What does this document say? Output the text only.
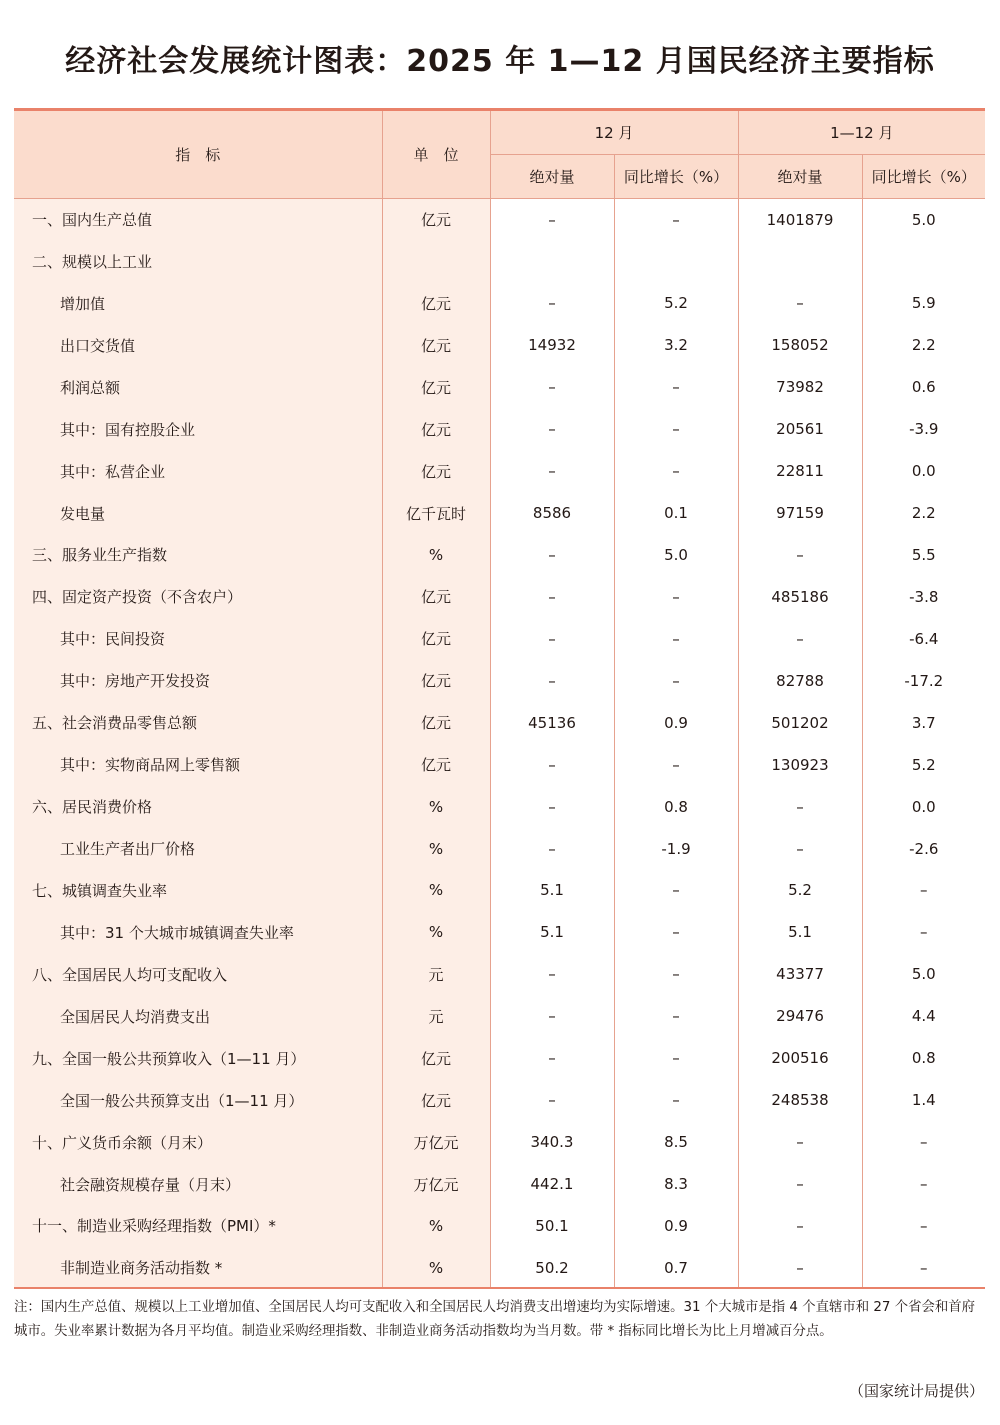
经济社会发展统计图表：2025 年 1—12 月国民经济主要指标
指　标	单　位	12 月		1—12 月	
		绝对量	同比增长（%）	绝对量	同比增长（%）
一、国内生产总值	亿元	–	–	1401879	5.0
二、规模以上工业					
增加值	亿元	–	5.2	–	5.9
出口交货值	亿元	14932	3.2	158052	2.2
利润总额	亿元	–	–	73982	0.6
其中：国有控股企业	亿元	–	–	20561	-3.9
其中：私营企业	亿元	–	–	22811	0.0
发电量	亿千瓦时	8586	0.1	97159	2.2
三、服务业生产指数	%	–	5.0	–	5.5
四、固定资产投资（不含农户）	亿元	–	–	485186	-3.8
其中：民间投资	亿元	–	–	–	-6.4
其中：房地产开发投资	亿元	–	–	82788	-17.2
五、社会消费品零售总额	亿元	45136	0.9	501202	3.7
其中：实物商品网上零售额	亿元	–	–	130923	5.2
六、居民消费价格	%	–	0.8	–	0.0
工业生产者出厂价格	%	–	-1.9	–	-2.6
七、城镇调查失业率	%	5.1	–	5.2	–
其中：31 个大城市城镇调查失业率	%	5.1	–	5.1	–
八、全国居民人均可支配收入	元	–	–	43377	5.0
全国居民人均消费支出	元	–	–	29476	4.4
九、全国一般公共预算收入（1—11 月）	亿元	–	–	200516	0.8
全国一般公共预算支出（1—11 月）	亿元	–	–	248538	1.4
十、广义货币余额（月末）	万亿元	340.3	8.5	–	–
社会融资规模存量（月末）	万亿元	442.1	8.3	–	–
十一、制造业采购经理指数（PMI）*	%	50.1	0.9	–	–
非制造业商务活动指数 *	%	50.2	0.7	–	–
注：国内生产总值、规模以上工业增加值、全国居民人均可支配收入和全国居民人均消费支出增速均为实际增速。31 个大城市是指 4 个直辖市和 27 个省会和首府城市。失业率累计数据为各月平均值。制造业采购经理指数、非制造业商务活动指数均为当月数。带 * 指标同比增长为比上月增减百分点。
（国家统计局提供）
